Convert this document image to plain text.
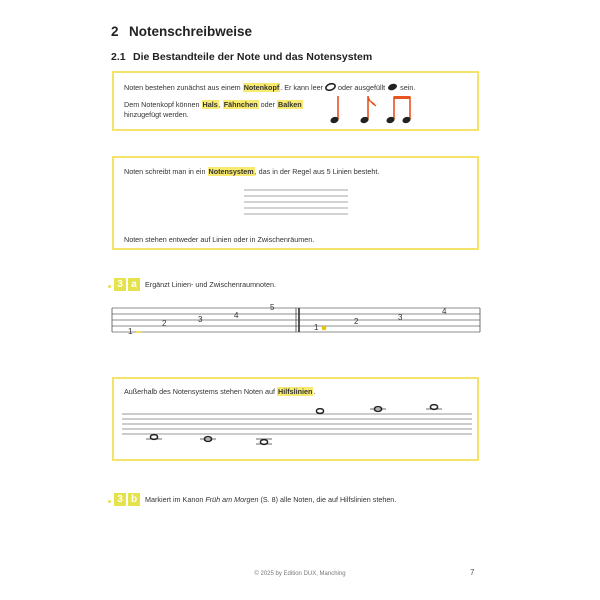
2 Notenschreibweise
2.1 Die Bestandteile der Note und das Notensystem
Noten bestehen zunächst aus einem Notenkopf. Er kann leer oder ausgefüllt sein.
Dem Notenkopf können Hals, Fähnchen oder Balken
hinzugefügt werden.
Noten schreibt man in ein Notensystem, das in der Regel aus 5 Linien besteht.
Noten stehen entweder auf Linien oder in Zwischenräumen.
3 a	Ergänzt Linien- und Zwischenraumnoten.
1
2	3	4
5
1
2	3
4
Außerhalb des Notensystems stehen Noten auf Hilfslinien.
3 b	Markiert im Kanon Früh am Morgen (S. 8) alle Noten, die auf Hilfslinien stehen.
© 2025 by Edition DUX, Manching	7
